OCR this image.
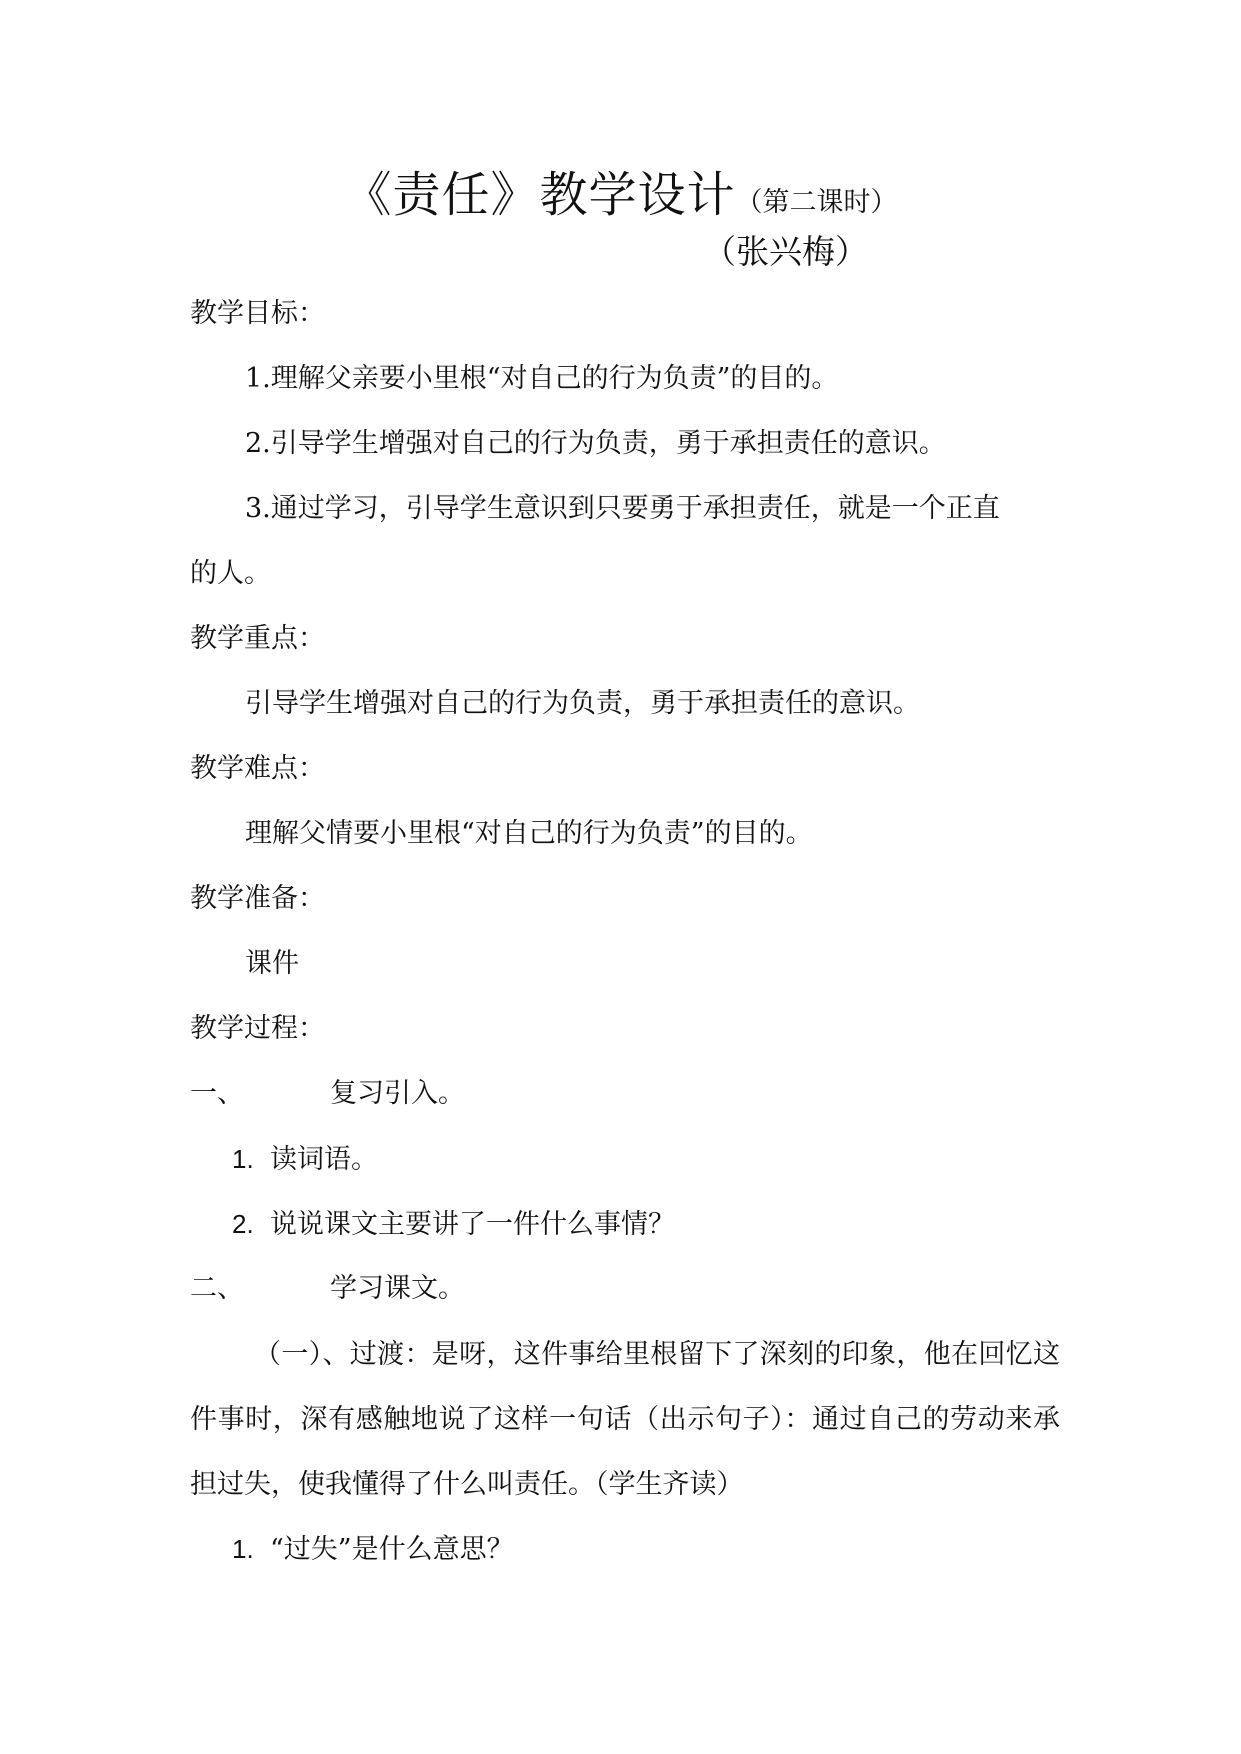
《责任》教学设计（第二课时）
（张兴梅）
教学目标：
1.理解父亲要小里根“对自己的行为负责”的目的。
2.引导学生增强对自己的行为负责，勇于承担责任的意识。
3.通过学习，引导学生意识到只要勇于承担责任，就是一个正直
的人。
教学重点：
引导学生增强对自己的行为负责，勇于承担责任的意识。
教学难点：
理解父情要小里根“对自己的行为负责”的目的。
教学准备：
课件
教学过程：
一、	复习引入。
1. 读词语。
2. 说说课文主要讲了一件什么事情？
二、	学习课文。
（一）、过渡：是呀，这件事给里根留下了深刻的印象，他在回忆这件事时，深有感触地说了这样一句话（出示句子）：通过自己的劳动来承担过失，使我懂得了什么叫责任。（学生齐读）
1. “过失”是什么意思？
